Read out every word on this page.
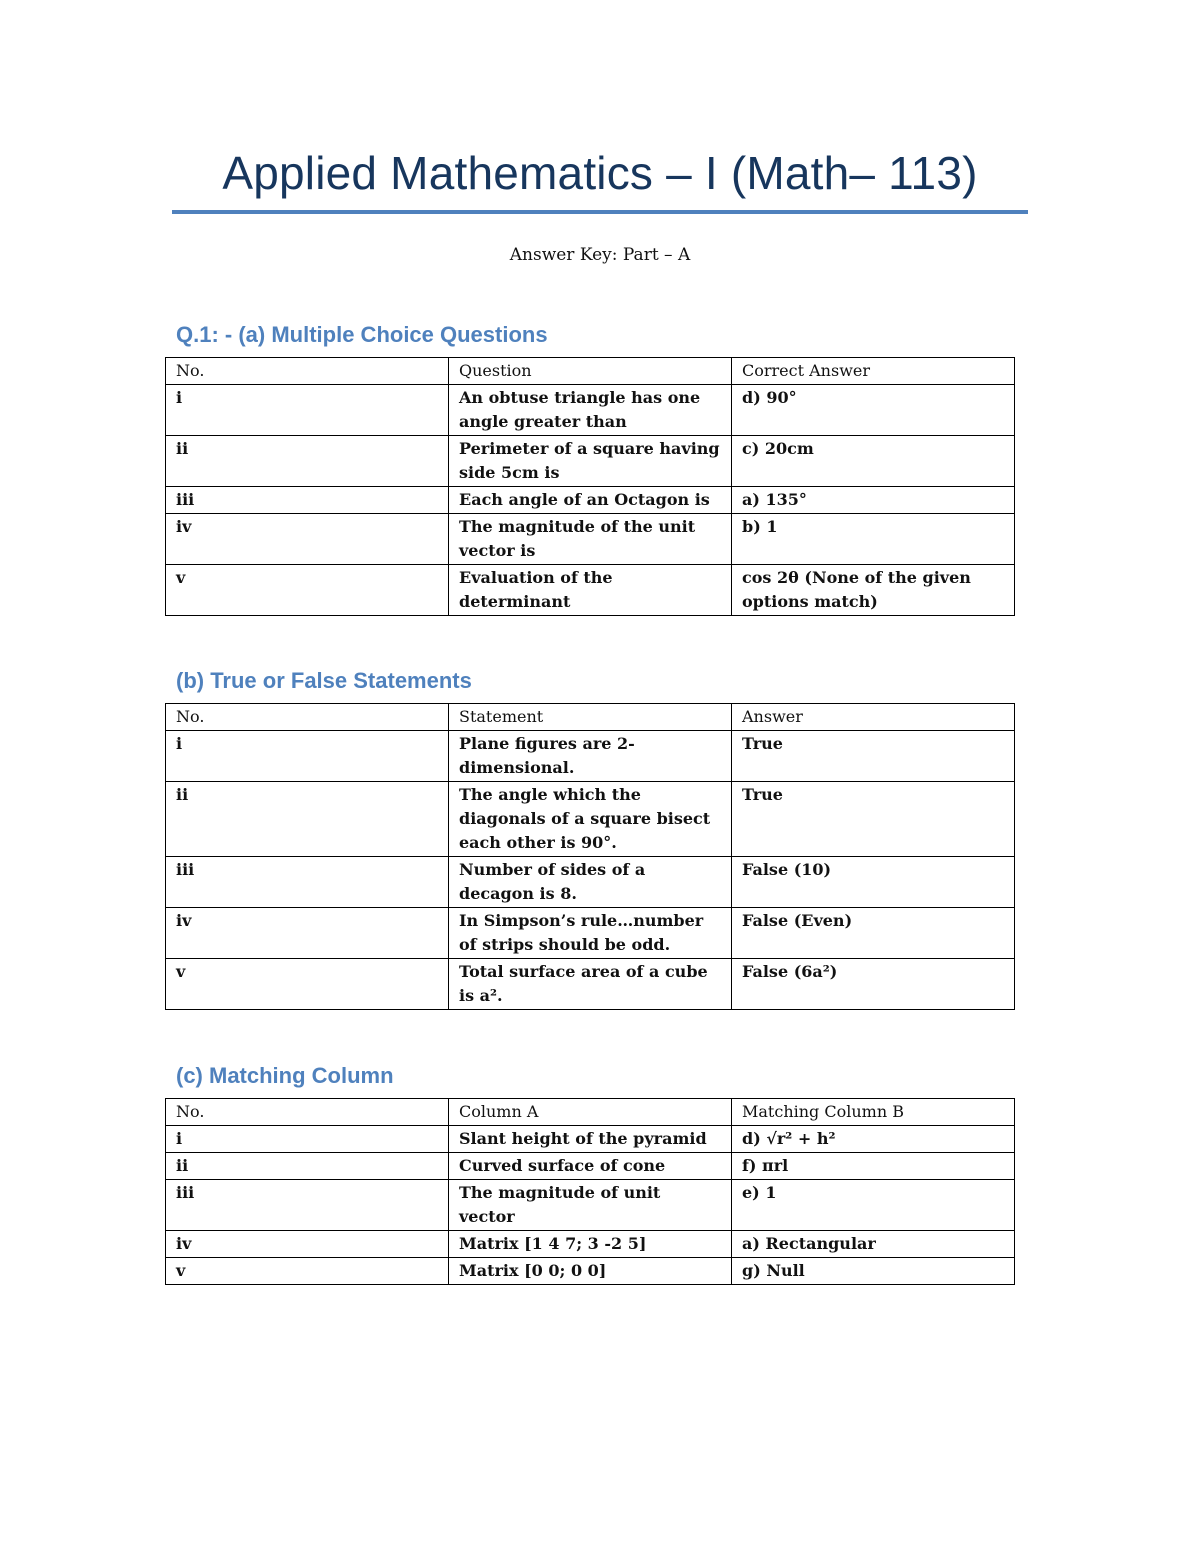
Applied Mathematics – I (Math– 113)

Answer Key: Part – A

Q.1: - (a) Multiple Choice Questions
No.	Question	Correct Answer
i	An obtuse triangle has one angle greater than	d) 90°
ii	Perimeter of a square having side 5cm is	c) 20cm
iii	Each angle of an Octagon is	a) 135°
iv	The magnitude of the unit vector is	b) 1
v	Evaluation of the determinant	cos 2θ (None of the given options match)
(b) True or False Statements
No.	Statement	Answer
i	Plane figures are 2-dimensional.	True
ii	The angle which the diagonals of a square bisect each other is 90°.	True
iii	Number of sides of a decagon is 8.	False (10)
iv	In Simpson’s rule…number of strips should be odd.	False (Even)
v	Total surface area of a cube is a².	False (6a²)
(c) Matching Column
No.	Column A	Matching Column B
i	Slant height of the pyramid	d) √r² + h²
ii	Curved surface of cone	f) πrl
iii	The magnitude of unit vector	e) 1
iv	Matrix [1 4 7; 3 -2 5]	a) Rectangular
v	Matrix [0 0; 0 0]	g) Null
